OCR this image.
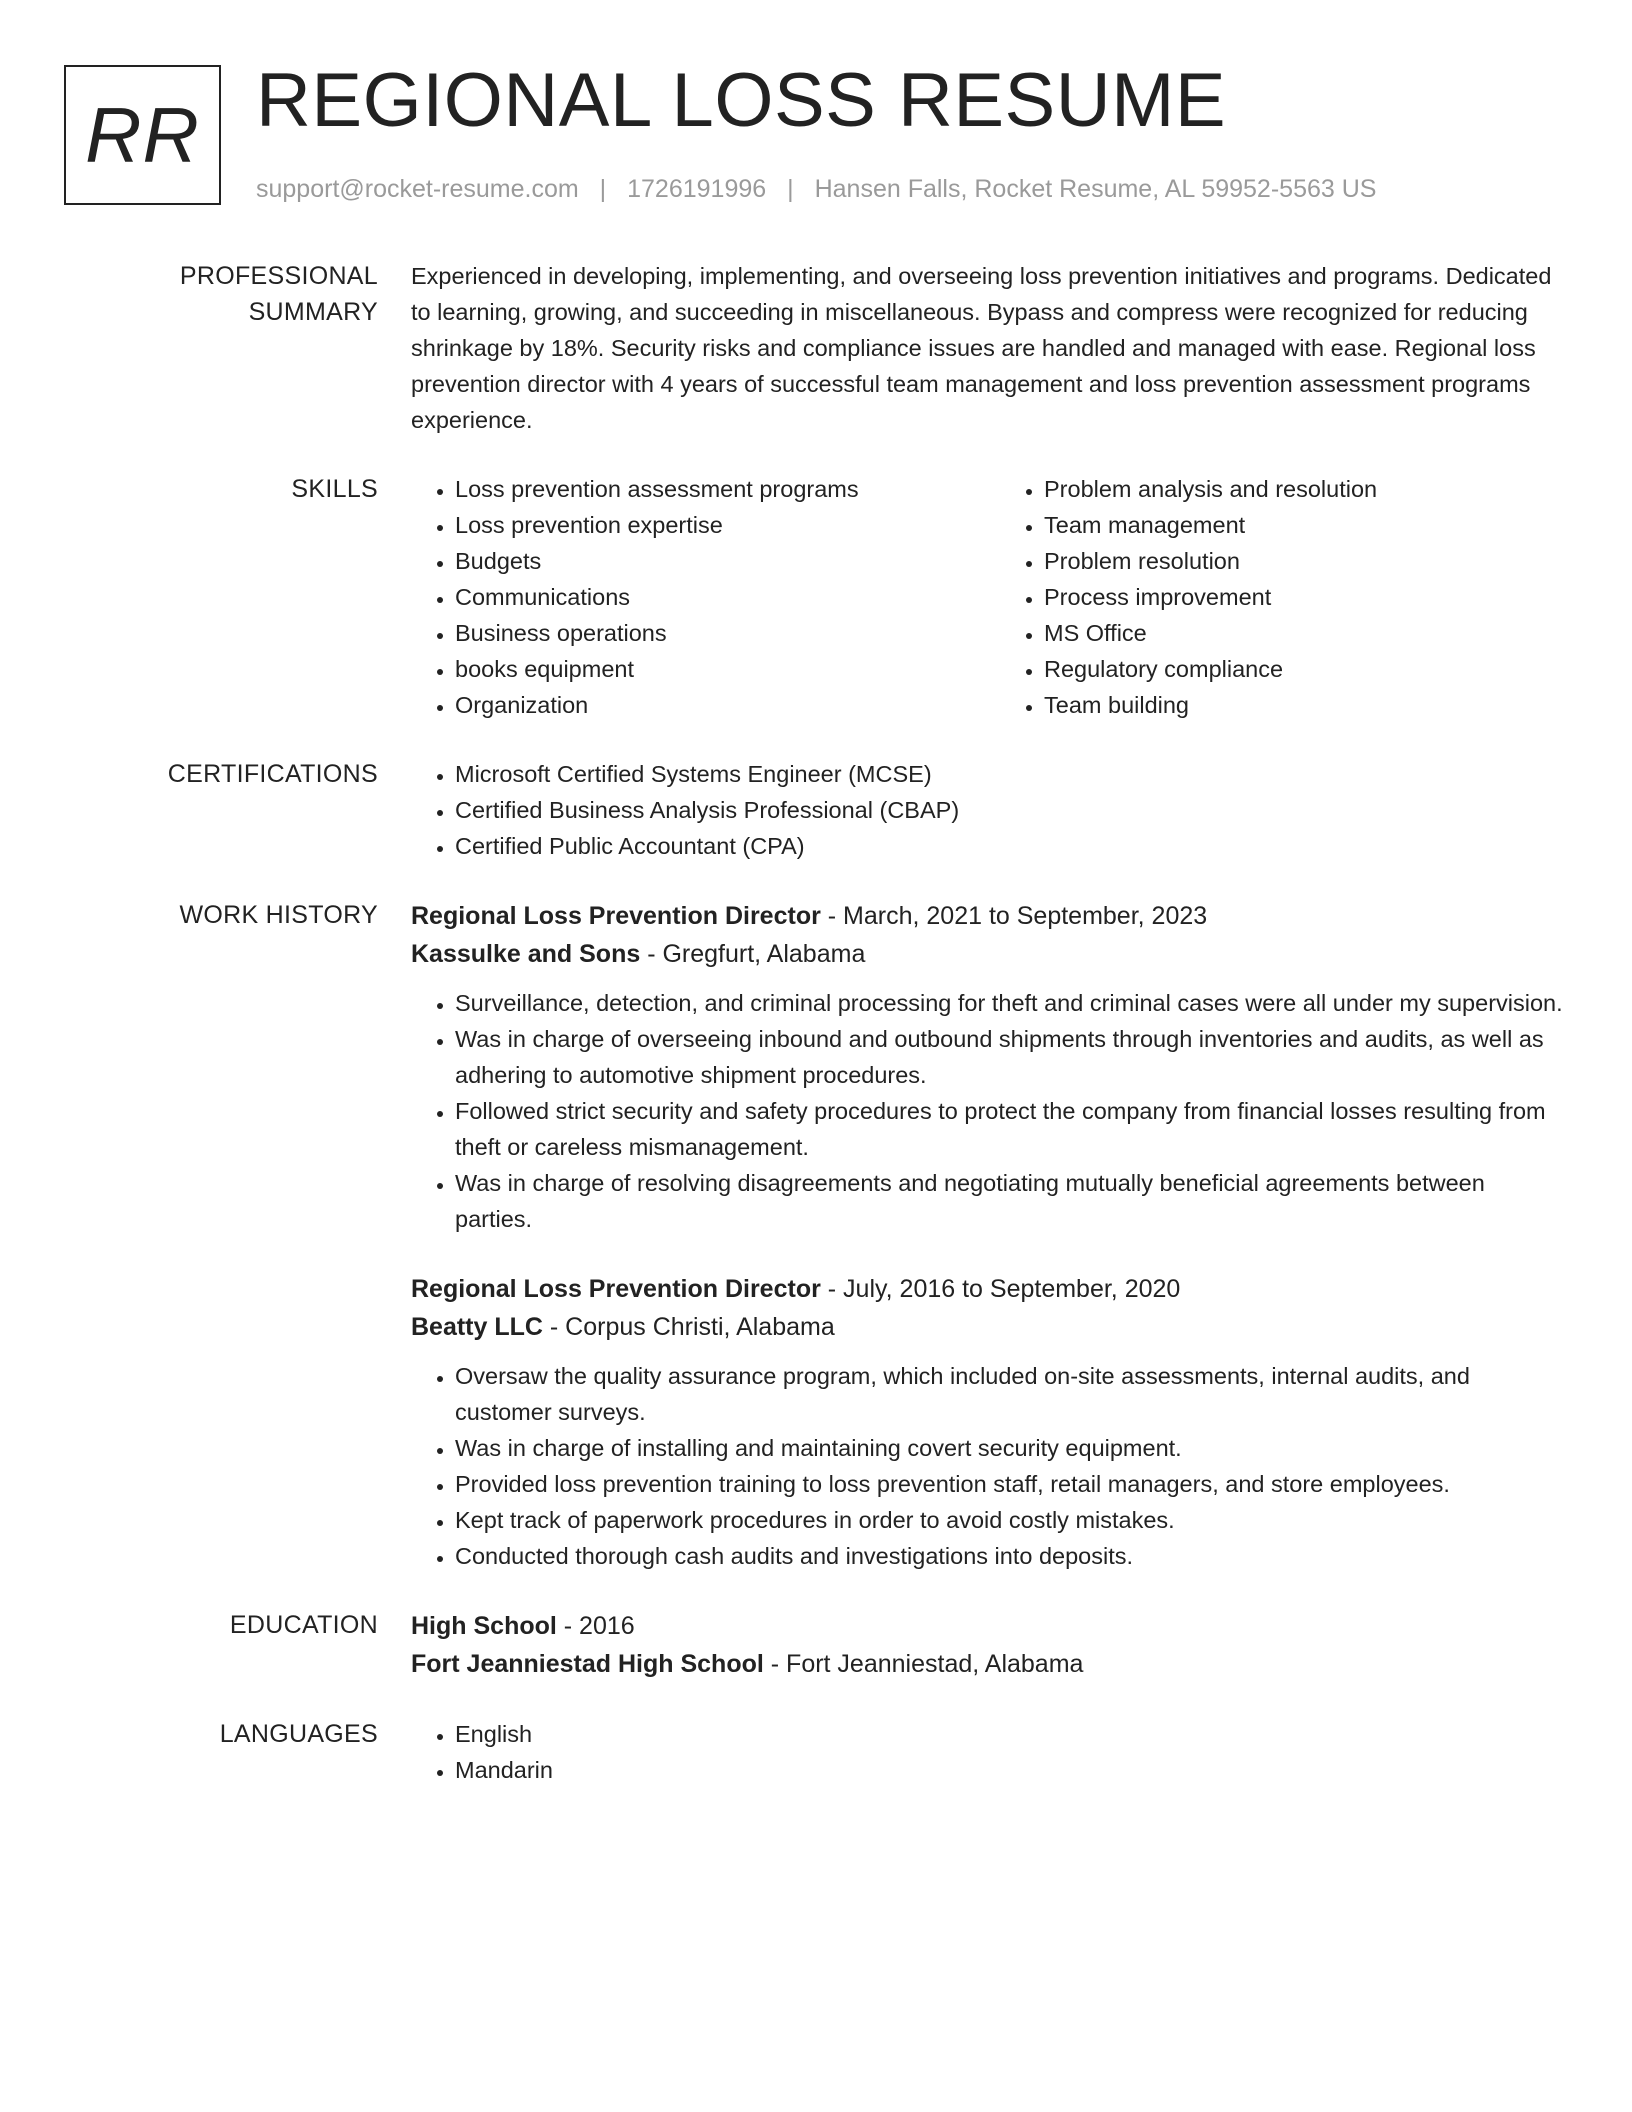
RR REGIONAL LOSS RESUME
support@rocket-resume.com | 1726191996 | Hansen Falls, Rocket Resume, AL 59952-5563 US
PROFESSIONAL SUMMARY

Experienced in developing, implementing, and overseeing loss prevention initiatives and programs. Dedicated to learning, growing, and succeeding in miscellaneous. Bypass and compress were recognized for reducing shrinkage by 18%. Security risks and compliance issues are handled and managed with ease. Regional loss prevention director with 4 years of successful team management and loss prevention assessment programs experience.

SKILLS	• Loss prevention assessment programs
• Loss prevention expertise
• Budgets
• Communications
• Business operations
• books equipment
• Organization
• Problem analysis and resolution
• Team management
• Problem resolution
• Process improvement
• MS Office
• Regulatory compliance
• Team building
CERTIFICATIONS	• Microsoft Certified Systems Engineer (MCSE)
• Certified Business Analysis Professional (CBAP)
• Certified Public Accountant (CPA)
WORK HISTORY	Regional Loss Prevention Director - March, 2021 to September, 2023
Kassulke and Sons - Gregfurt, Alabama
• Surveillance, detection, and criminal processing for theft and criminal cases were all under my supervision.
• Was in charge of overseeing inbound and outbound shipments through inventories and audits, as well as adhering to automotive shipment procedures.
• Followed strict security and safety procedures to protect the company from financial losses resulting from theft or careless mismanagement.
• Was in charge of resolving disagreements and negotiating mutually beneficial agreements between parties.
Regional Loss Prevention Director - July, 2016 to September, 2020
Beatty LLC - Corpus Christi, Alabama
• Oversaw the quality assurance program, which included on-site assessments, internal audits, and customer surveys.
• Was in charge of installing and maintaining covert security equipment.
• Provided loss prevention training to loss prevention staff, retail managers, and store employees.
• Kept track of paperwork procedures in order to avoid costly mistakes.
• Conducted thorough cash audits and investigations into deposits.
EDUCATION	High School - 2016
Fort Jeanniestad High School - Fort Jeanniestad, Alabama
LANGUAGES	• English
• Mandarin
